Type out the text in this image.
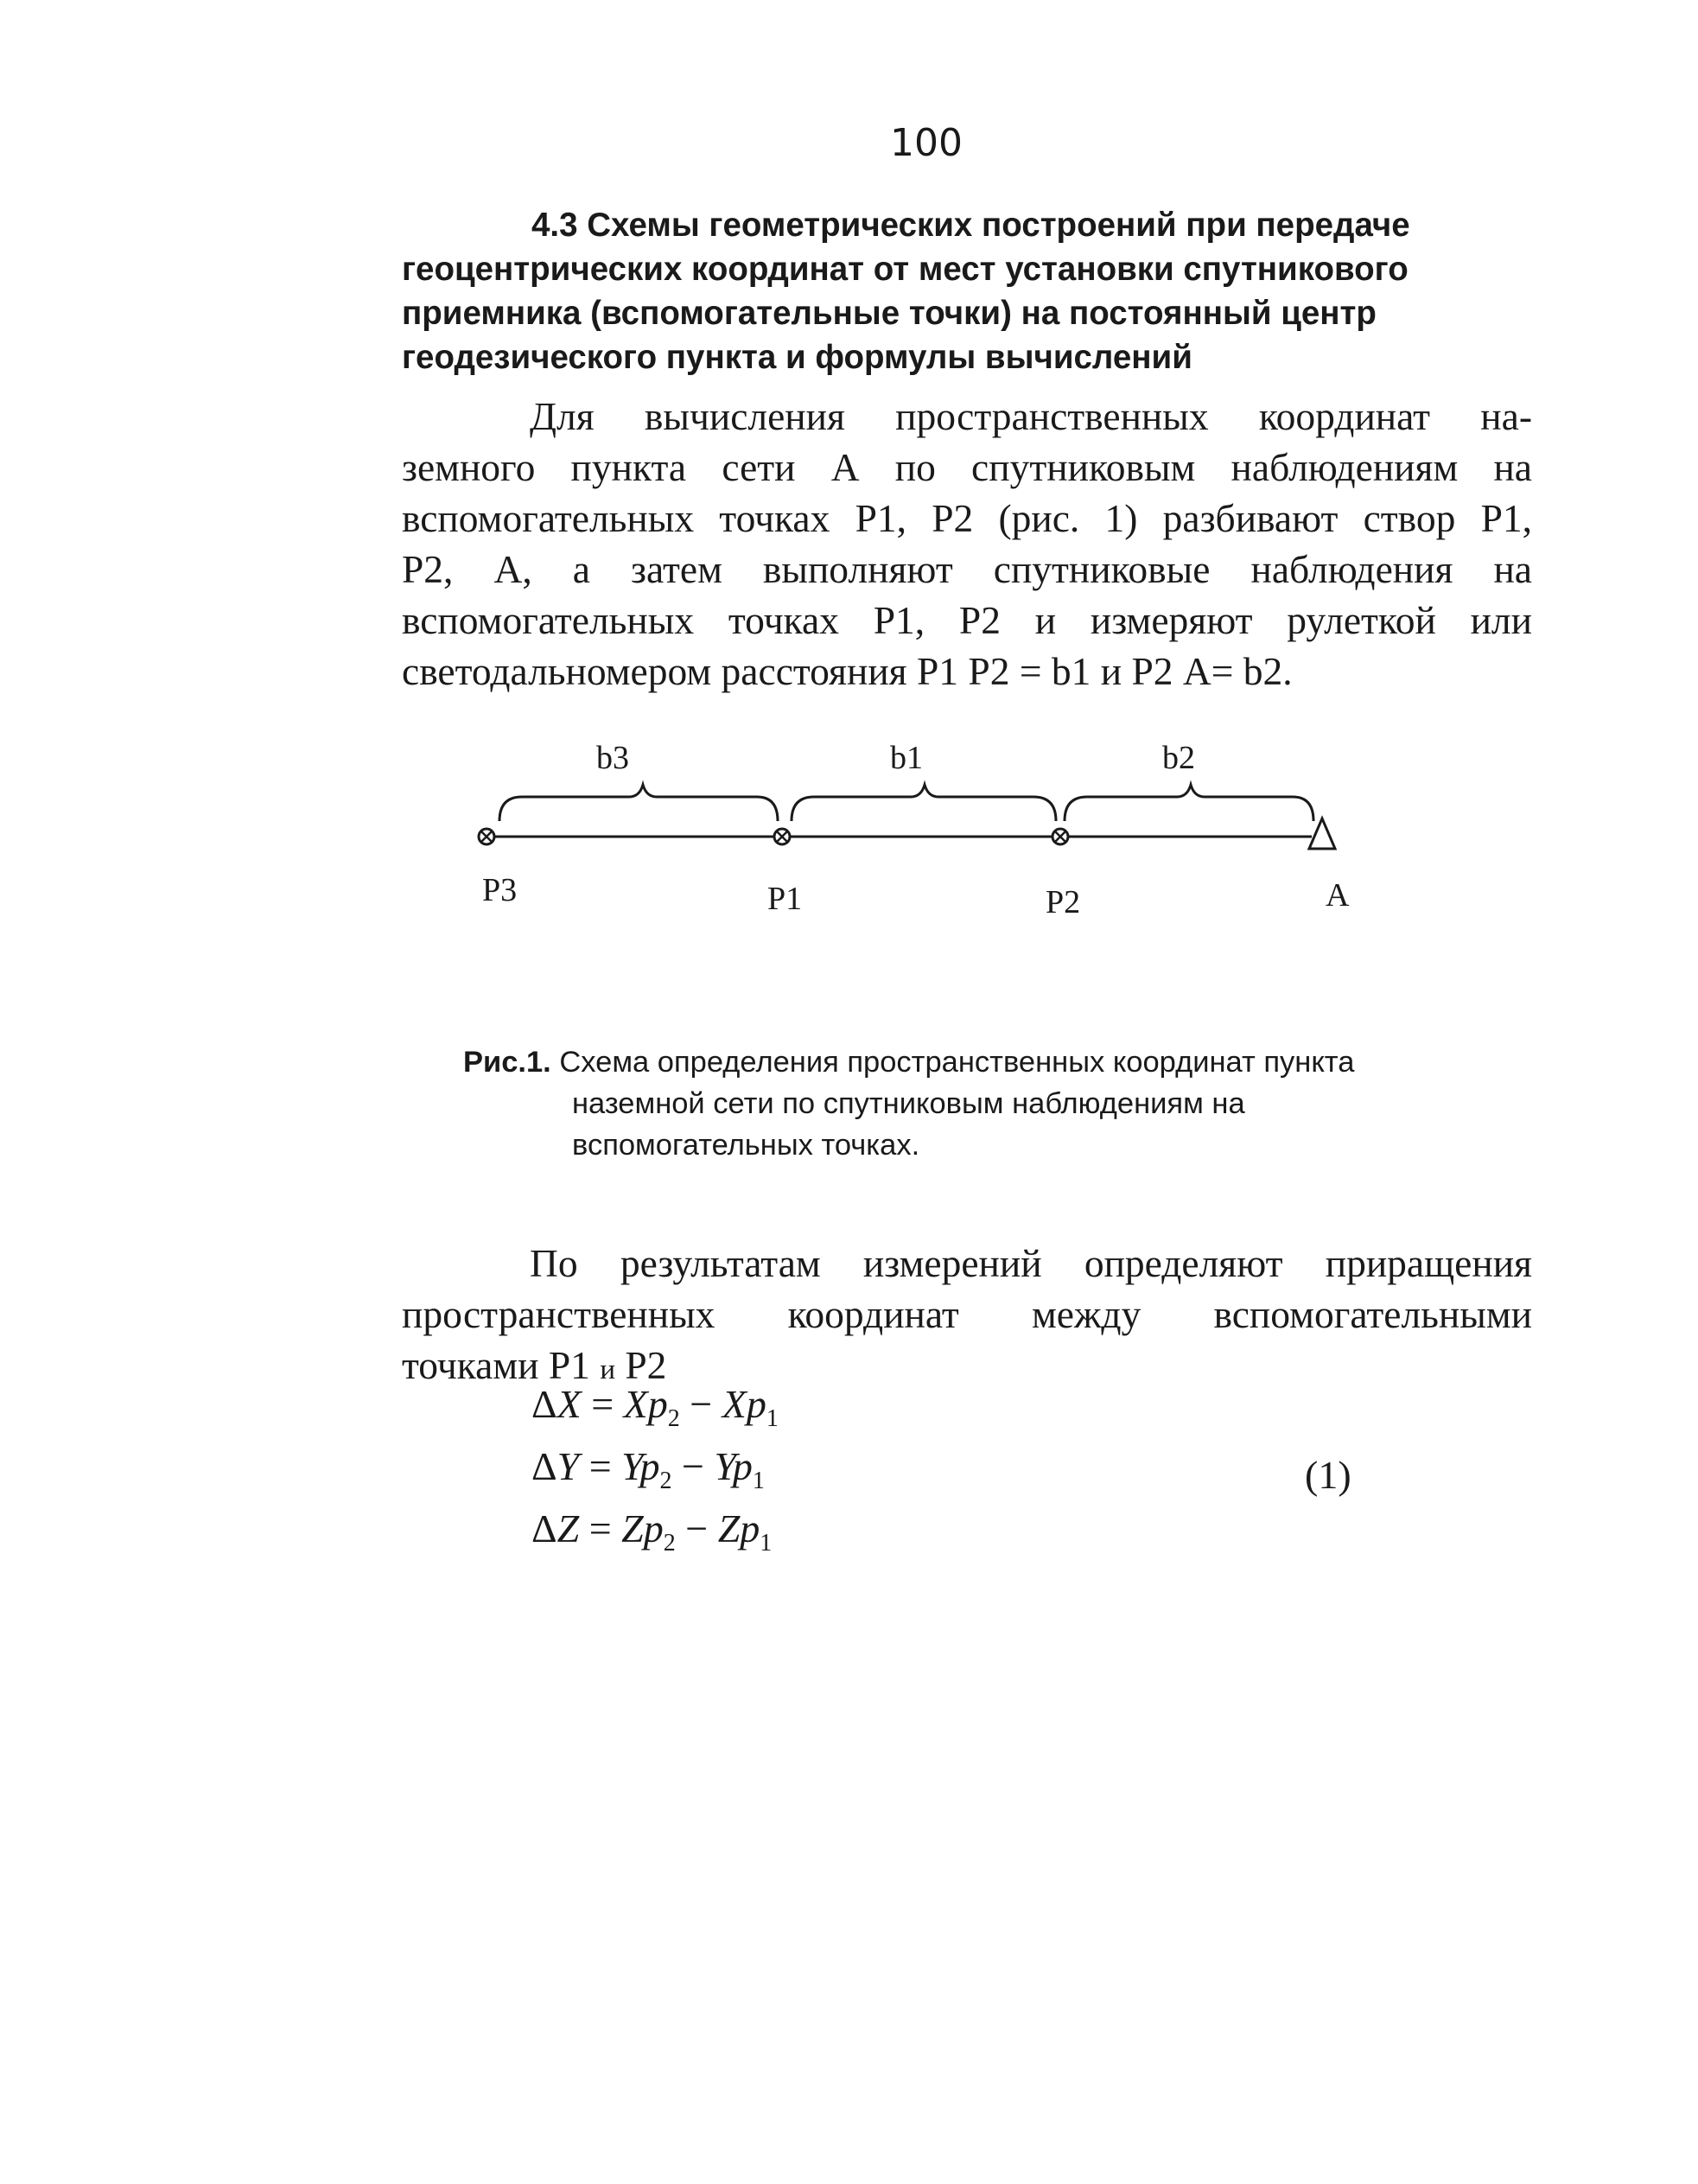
100
4.3 Схемы геометрических построений при передаче
геоцентрических координат от мест установки спутникового
приемника (вспомогательные точки) на постоянный центр
геодезического пункта и формулы вычислений

Для вычисления пространственных координат на-
земного пункта сети А по спутниковым наблюдениям на
вспомогательных точках Р1, Р2 (рис. 1) разбивают створ Р1,
Р2, А, а затем выполняют спутниковые наблюдения на
вспомогательных точках Р1, Р2 и измеряют рулеткой или
светодальномером расстояния Р1 Р2 = b1 и Р2 А= b2.

b3	b1	b2
P3	P1	P2	A

Рис.1. Схема определения пространственных координат пункта
наземной сети по спутниковым наблюдениям на
вспомогательных точках.

По результатам измерений определяют приращения
пространственных координат между вспомогательными
точками Р1 и Р2

$\Delta X = Xp_2 - Xp_1$
$\Delta Y = Yp_2 - Yp_1$
$\Delta Z = Zp_2 - Zp_1$
(1)
